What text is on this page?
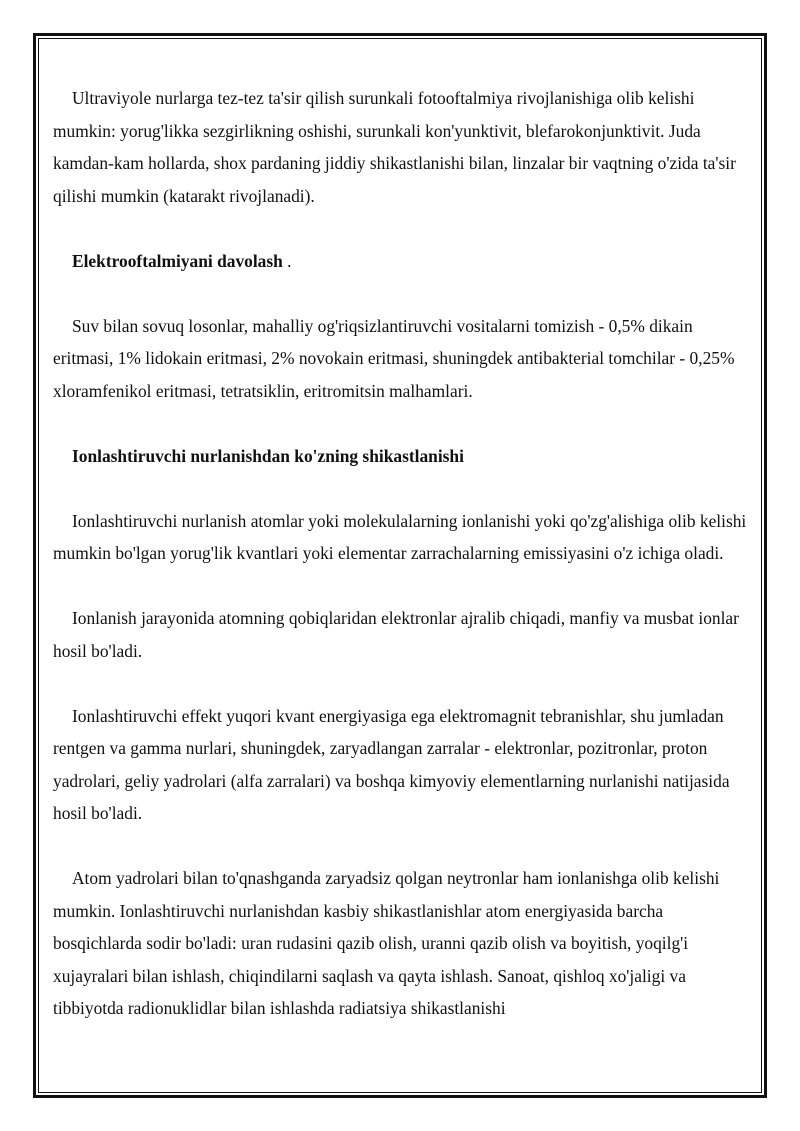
Ultraviyole nurlarga tez-tez ta'sir qilish surunkali fotooftalmiya rivojlanishiga olib kelishi mumkin: yorug'likka sezgirlikning oshishi, surunkali kon'yunktivit, blefarokonjunktivit. Juda kamdan-kam hollarda, shox pardaning jiddiy shikastlanishi bilan, linzalar bir vaqtning o'zida ta'sir qilishi mumkin (katarakt rivojlanadi).

Elektrooftalmiyani davolash .

Suv bilan sovuq losonlar, mahalliy og'riqsizlantiruvchi vositalarni tomizish - 0,5% dikain eritmasi, 1% lidokain eritmasi, 2% novokain eritmasi, shuningdek antibakterial tomchilar - 0,25% xloramfenikol eritmasi, tetratsiklin, eritromitsin malhamlari.

Ionlashtiruvchi nurlanishdan ko'zning shikastlanishi

Ionlashtiruvchi nurlanish atomlar yoki molekulalarning ionlanishi yoki qo'zg'alishiga olib kelishi mumkin bo'lgan yorug'lik kvantlari yoki elementar zarrachalarning emissiyasini o'z ichiga oladi.

Ionlanish jarayonida atomning qobiqlaridan elektronlar ajralib chiqadi, manfiy va musbat ionlar hosil bo'ladi.

Ionlashtiruvchi effekt yuqori kvant energiyasiga ega elektromagnit tebranishlar, shu jumladan rentgen va gamma nurlari, shuningdek, zaryadlangan zarralar - elektronlar, pozitronlar, proton yadrolari, geliy yadrolari (alfa zarralari) va boshqa kimyoviy elementlarning nurlanishi natijasida hosil bo'ladi.

Atom yadrolari bilan to'qnashganda zaryadsiz qolgan neytronlar ham ionlanishga olib kelishi mumkin. Ionlashtiruvchi nurlanishdan kasbiy shikastlanishlar atom energiyasida barcha bosqichlarda sodir bo'ladi: uran rudasini qazib olish, uranni qazib olish va boyitish, yoqilg'i xujayralari bilan ishlash, chiqindilarni saqlash va qayta ishlash. Sanoat, qishloq xo'jaligi va tibbiyotda radionuklidlar bilan ishlashda radiatsiya shikastlanishi
